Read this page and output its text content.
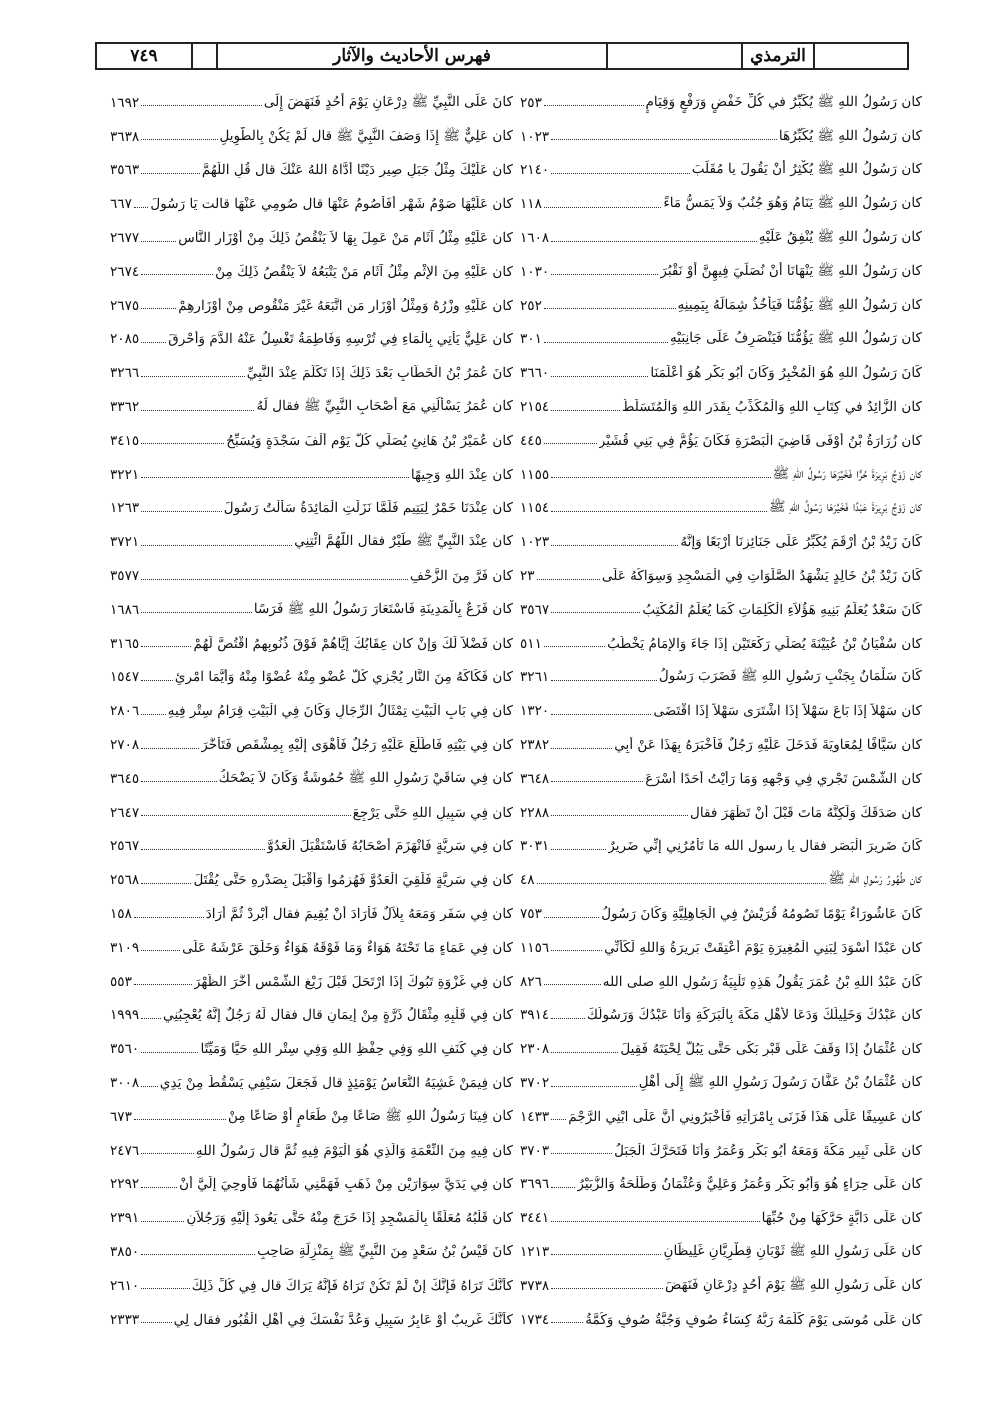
الترمذي
فهرس الأحاديث والآثار
٧٤٩
كان رَسُولُ اللهِ ﷺ يُكَبِّرُ في كُلِّ خَفْضٍ وَرَفْعٍ وَقِيَامٍ
٢٥٣
كان رَسُولُ اللهِ ﷺ يُكَبِّرُهَا
١٠٢٣
كان رَسُولُ اللهِ ﷺ يُكْثِرُ أَنْ يَقُولَ يا مُقَلِّبَ
٢١٤٠
كان رَسُولُ اللهِ ﷺ يَنَامُ وَهُوَ جُنُبٌ وَلاَ يَمَسُّ مَاءً
١١٨
كان رَسُولُ اللهِ ﷺ يُنْفِقُ عَلَيْهِ
١٦٠٨
كان رَسُولُ اللهِ ﷺ يَنْهَانَا أَنْ نُصَلِّيَ فِيهِنَّ أَوْ نَقْبُرَ
١٠٣٠
كان رَسُولُ اللهِ ﷺ يَؤُمُّنَا فَيَأْخُذُ شِمَالَهُ بِيَمِينِهِ
٢٥٢
كان رَسُولُ اللهِ ﷺ يَؤُمُّنَا فَيَنْصَرِفُ عَلَى جَانِبَيْهِ
٣٠١
كَانَ رَسُولُ اللهِ هُوَ الْمُخْبِرُ وَكَانَ أَبُو بَكْرٍ هُوَ أَعْلَمَنَا
٣٦٦٠
كان الزَّائِدُ في كِتَابِ اللهِ وَالْمُكَذِّبُ بِقَدَرِ اللهِ وَالْمُتَسَلِّطُ
٢١٥٤
كان زُرَارَةُ بْنُ أَوْفَى قَاضِيَ الْبَصْرَةِ فَكَانَ يَؤُمُّ فِي بَنِي قُشَيْرٍ
٤٤٥
كان زَوْجُ بَرِيرَةَ حُرًّا فَخَيَّرَهَا رَسُولُ اللهِ ﷺ
١١٥٥
كان زَوْجُ بَرِيرَةَ عَبْدًا فَخَيَّرَهَا رَسُولُ اللهِ ﷺ
١١٥٤
كَانَ زَيْدُ بْنُ أَرْقَمَ يُكَبِّرُ عَلَى جَنَائِزِنَا أَرْبَعًا وَإِنَّهُ
١٠٢٣
كَانَ زَيْدُ بْنُ خَالِدٍ يَشْهَدُ الصَّلَوَاتِ فِي الْمَسْجِدِ وَسِوَاكُهُ عَلَى
٢٣
كَانَ سَعْدٌ يُعَلِّمُ بَنِيهِ هَؤُلاَءِ الْكَلِمَاتِ كَمَا يُعَلِّمُ الْمُكْتِبُ
٣٥٦٧
كان سُفْيَانُ بْنُ عُيَيْنَةَ يُصَلِّي رَكْعَتَيْنِ إِذَا جَاءَ وَالإِمَامُ يَخْطُبُ
٥١١
كَانَ سَلْمَانُ بِجَنْبِ رَسُولِ اللهِ ﷺ فَضَرَبَ رَسُولُ
٣٢٦١
كان سَهْلاً إِذَا بَاعَ سَهْلاً إِذَا اشْتَرَى سَهْلاً إِذَا اقْتَضَى
١٣٢٠
كان سَيَّافًا لِمُعَاوِيَةَ فَدَخَلَ عَلَيْهِ رَجُلٌ فَأَخْبَرَهُ بِهَذَا عَنْ أَبِي
٢٣٨٢
كان الشَّمْسَ تَجْرِي فِي وَجْهِهِ وَمَا رَأَيْتُ أَحَدًا أَسْرَعَ
٣٦٤٨
كان صَدَقَكَ وَلَكِنَّهُ مَاتَ قَبْلَ أَنْ تَظْهَرَ فقال
٢٢٨٨
كَانَ ضَرِيرَ الْبَصَرِ فقال يا رسول الله مَا تَأْمُرُنِي إِنِّي ضَرِيرٌ
٣٠٣١
كان طُهُورُ رَسُولِ اللهِ ﷺ
٤٨
كَانَ عَاشُورَاءُ يَوْمًا تَصُومُهُ قُرَيْشٌ فِي الْجَاهِلِيَّةِ وَكَانَ رَسُولُ
٧٥٣
كان عَبْدًا أَسْوَدَ لِبَنِي الْمُغِيرَةِ يَوْمَ أُعْتِقَتْ بَرِيرَةُ وَاللهِ لَكَأَنِّي
١١٥٦
كَانَ عَبْدُ اللهِ بْنُ عُمَرَ يَقُولُ هَذِهِ تَلْبِيَةُ رَسُولِ اللهِ صلى الله
٨٢٦
كان عَبْدُكَ وَخَلِيلُكَ وَدَعَا لأَهْلِ مَكَّةَ بِالْبَرَكَةِ وَأَنَا عَبْدُكَ وَرَسُولُكَ
٣٩١٤
كان عُثْمَانُ إِذَا وَقَفَ عَلَى قَبْرٍ بَكَى حَتَّى يَبُلَّ لِحْيَتَهُ فَقِيلَ
٢٣٠٨
كان عُثْمَانُ بْنُ عَفَّانَ رَسُولَ رَسُولِ اللهِ ﷺ إِلَى أَهْلِ
٣٧٠٢
كان عَسِيفًا عَلَى هَذَا فَزَنَى بِامْرَأَتِهِ فَأَخْبَرُونِي أَنَّ عَلَى ابْنِي الرَّجْمَ
١٤٣٣
كان عَلَى ثَبِيرٍ مَكَّةَ وَمَعَهُ أَبُو بَكْرٍ وَعُمَرُ وَأَنَا فَتَحَرَّكَ الْجَبَلُ
٣٧٠٣
كان عَلَى حِرَاءٍ هُوَ وَأَبُو بَكْرٍ وَعُمَرُ وَعَلِيٌّ وَعُثْمَانُ وَطَلْحَةُ وَالزُّبَيْرُ
٣٦٩٦
كان عَلَى دَابَّةٍ حَرَّكَهَا مِنْ حُبِّهَا
٣٤٤١
كان عَلَى رَسُولِ اللهِ ﷺ ثَوْبَانِ قِطْرِيَّانِ غَلِيظَانِ
١٢١٣
كان عَلَى رَسُولِ اللهِ ﷺ يَوْمَ أُحُدٍ دِرْعَانِ فَنَهَضَ
٣٧٣٨
كان عَلَى مُوسَى يَوْمَ كَلَّمَهُ رَبُّهُ كِسَاءُ صُوفٍ وَجُبَّةُ صُوفٍ وَكُمَّةُ
١٧٣٤
كانَ عَلَى النَّبِيِّ ﷺ دِرْعَانِ يَوْمَ أُحُدٍ فَنَهَضَ إِلَى
١٦٩٢
كان عَلِيٌّ ﷺ إِذَا وَصَفَ النَّبِيَّ ﷺ قال لَمْ يَكُنْ بِالطَّوِيلِ
٣٦٣٨
كان عَلَيْكَ مِثْلُ جَبَلِ صِيرٍ دَيْنًا أَدَّاهُ اللهُ عَنْكَ قال قُلِ اللَّهُمَّ
٣٥٦٣
كان عَلَيْهَا صَوْمُ شَهْرٍ أَفَأَصُومُ عَنْهَا قال صُومِي عَنْهَا قالت يَا رَسُولَ
٦٦٧
كان عَلَيْهِ مِثْلُ آثَامِ مَنْ عَمِلَ بِهَا لاَ يَنْقُصُ ذَلِكَ مِنْ أَوْزَارِ النَّاسِ
٢٦٧٧
كان عَلَيْهِ مِنَ الإِثْمِ مِثْلُ آثَامِ مَنْ يَتْبَعُهُ لاَ يَنْقُصُ ذَلِكَ مِنْ
٢٦٧٤
كان عَلَيْهِ وِزْرُهُ وَمِثْلُ أَوْزَارِ مَنِ اتَّبَعَهُ غَيْرَ مَنْقُوصٍ مِنْ أَوْزَارِهِمْ
٢٦٧٥
كان عَلِيٌّ يَأْتِي بِالْمَاءِ فِي تُرْسِهِ وَفَاطِمَةُ تَغْسِلُ عَنْهُ الدَّمَ وَأُحْرِقَ
٢٠٨٥
كانَ عُمَرُ بْنُ الْخَطَّابِ بَعْدَ ذَلِكَ إِذَا تَكَلَّمَ عِنْدَ النَّبِيِّ
٣٢٦٦
كان عُمَرُ يَسْأَلُنِي مَعَ أَصْحَابِ النَّبِيِّ ﷺ فقال لَهُ
٣٣٦٢
كان عُمَيْرُ بْنُ هَانِئٍ يُصَلِّي كُلَّ يَوْمٍ أَلْفَ سَجْدَةٍ وَيُسَبِّحُ
٣٤١٥
كان عِنْدَ اللهِ وَجِيهًا
٣٢٢١
كان عِنْدَنَا خَمْرٌ لِيَتِيمٍ فَلَمَّا نَزَلَتِ الْمَائِدَةُ سَأَلْتُ رَسُولَ
١٢٦٣
كان عِنْدَ النَّبِيِّ ﷺ طَيْرٌ فقال اللَّهُمَّ ائْتِنِي
٣٧٢١
كان فَرَّ مِنَ الزَّحْفِ
٣٥٧٧
كان فَزَعٌ بِالْمَدِينَةِ فَاسْتَعَارَ رَسُولُ اللهِ ﷺ فَرَسًا
١٦٨٦
كان فَضْلاً لَكَ وَإِنْ كان عِقَابُكَ إِيَّاهُمْ فَوْقَ ذُنُوبِهِمُ اقْتُصَّ لَهُمْ
٣١٦٥
كان فَكَاكَهُ مِنَ النَّارِ يُجْزِي كُلُّ عُضْوٍ مِنْهُ عُضْوًا مِنْهُ وَأَيُّمَا امْرِئٍ
١٥٤٧
كان فِي بَابِ الْبَيْتِ تِمْثَالُ الرِّجَالِ وَكَانَ فِي الْبَيْتِ قِرَامُ سِتْرٍ فِيهِ
٢٨٠٦
كان فِي بَيْتِهِ فَاطَّلَعَ عَلَيْهِ رَجُلٌ فَأَهْوَى إِلَيْهِ بِمِشْقَصٍ فَتَأَخَّرَ
٢٧٠٨
كان فِي سَاقَيْ رَسُولِ اللهِ ﷺ حُمُوشَةٌ وَكَانَ لاَ يَضْحَكُ
٣٦٤٥
كان فِي سَبِيلِ اللهِ حَتَّى يَرْجِعَ
٢٦٤٧
كان فِي سَرِيَّةٍ فَانْهَزَمَ أَصْحَابُهُ فَاسْتَقْبَلَ الْعَدُوَّ
٢٥٦٧
كان فِي سَرِيَّةٍ فَلَقِيَ الْعَدُوَّ فَهُزِمُوا وَأَقْبَلَ بِصَدْرِهِ حَتَّى يُقْتَلَ
٢٥٦٨
كان فِي سَفَرٍ وَمَعَهُ بِلاَلٌ فَأَرَادَ أَنْ يُقِيمَ فقال أَبْرِدْ ثُمَّ أَرَادَ
١٥٨
كان فِي عَمَاءٍ مَا تَحْتَهُ هَوَاءٌ وَمَا فَوْقَهُ هَوَاءٌ وَخَلَقَ عَرْشَهُ عَلَى
٣١٠٩
كان فِي غَزْوَةِ تَبُوكَ إِذَا ارْتَحَلَ قَبْلَ زَيْغِ الشَّمْسِ أَخَّرَ الظُّهْرَ
٥٥٣
كان فِي قَلْبِهِ مِثْقَالُ ذَرَّةٍ مِنْ إِيمَانٍ قال فقال لَهُ رَجُلٌ إِنَّهُ يُعْجِبُنِي
١٩٩٩
كان فِي كَنَفِ اللهِ وَفِي حِفْظِ اللهِ وَفِي سِتْرِ اللهِ حَيًّا وَمَيِّتًا
٣٥٦٠
كان فِيمَنْ غَشِيَهُ النُّعَاسُ يَوْمَئِذٍ قال فَجَعَلَ سَيْفِي يَسْقُطُ مِنْ يَدِي
٣٠٠٨
كان فِينَا رَسُولُ اللهِ ﷺ صَاعًا مِنْ طَعَامٍ أَوْ صَاعًا مِنْ
٦٧٣
كان فِيهِ مِنَ النِّعْمَةِ وَالَّذِي هُوَ الْيَوْمَ فِيهِ ثُمَّ قال رَسُولُ اللهِ
٢٤٧٦
كان فِي يَدَيَّ سِوَارَيْنِ مِنْ ذَهَبٍ فَهَمَّنِي شَأْنُهُمَا فَأُوحِيَ إِلَيَّ أَنْ
٢٢٩٢
كان قَلْبُهُ مُعَلَّقًا بِالْمَسْجِدِ إِذَا خَرَجَ مِنْهُ حَتَّى يَعُودَ إِلَيْهِ وَرَجُلاَنِ
٢٣٩١
كانَ قَيْسُ بْنُ سَعْدٍ مِنَ النَّبِيِّ ﷺ بِمَنْزِلَةِ صَاحِبِ
٣٨٥٠
كأَنَّكَ تَرَاهُ فَإِنَّكَ إِنْ لَمْ تَكُنْ تَرَاهُ فَإِنَّهُ يَرَاكَ قال فِي كُلِّ ذَلِكَ
٢٦١٠
كأَنَّكَ غَرِيبٌ أَوْ عَابِرُ سَبِيلٍ وَعُدَّ نَفْسَكَ فِي أَهْلِ الْقُبُورِ فقال لِي
٢٣٣٣
